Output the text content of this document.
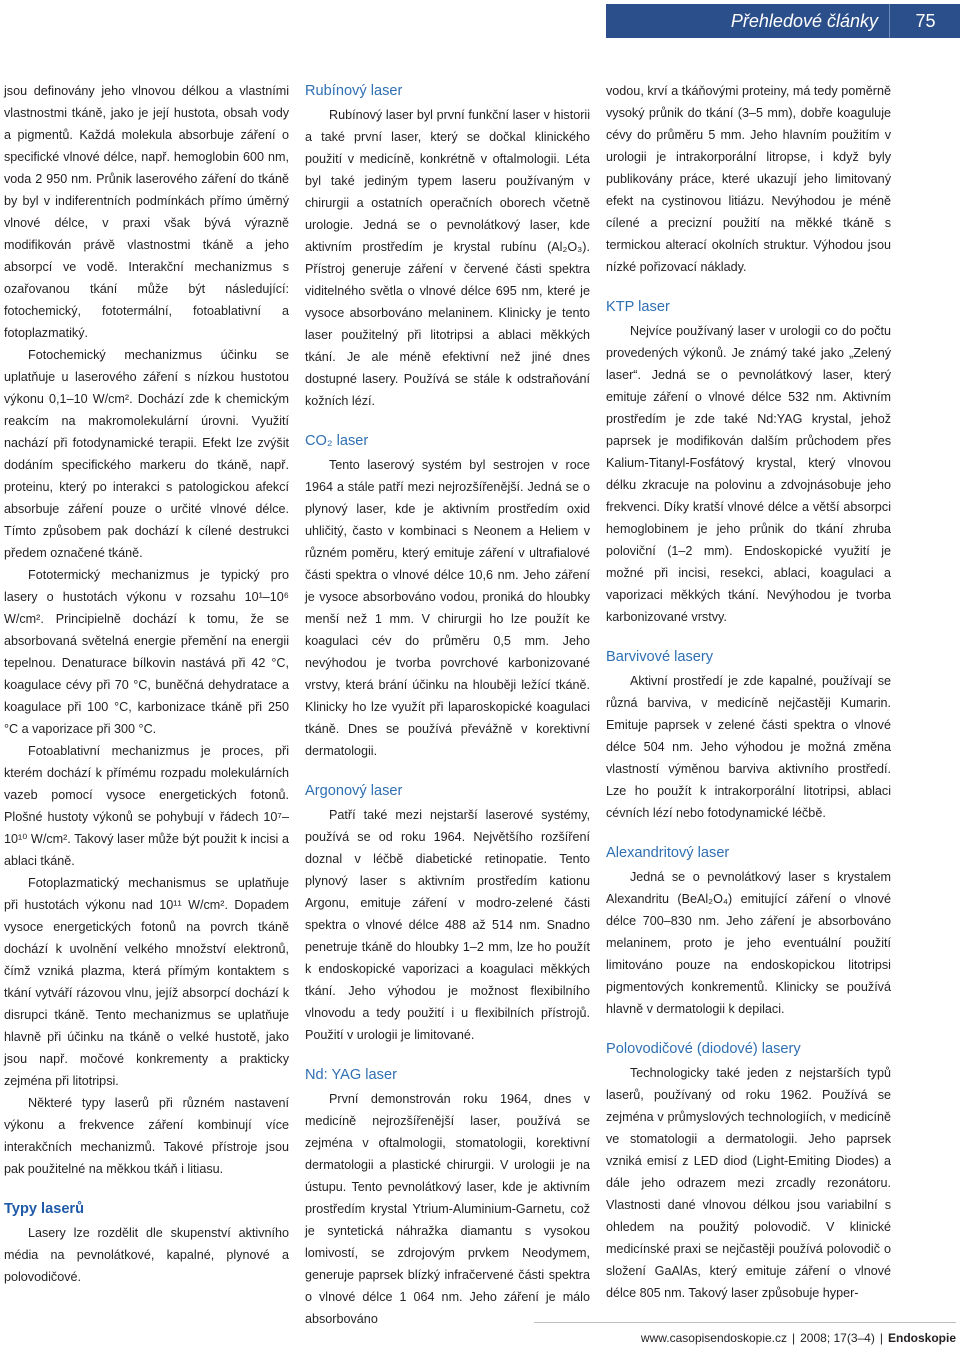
Přehledové články	75

jsou definovány jeho vlnovou délkou a vlastními vlastnostmi tkáně, jako je její hustota, obsah vody a pigmentů. Každá molekula absorbuje záření o specifické vlnové délce, např. hemoglobin 600 nm, voda 2 950 nm. Průnik laserového záření do tkáně by byl v indiferentních podmínkách přímo úměrný vlnové délce, v praxi však bývá výrazně modifikován právě vlastnostmi tkáně a jeho absorpcí ve vodě. Interakční mechanizmus s ozařovanou tkání může být následující: fotochemický, fototermální, fotoablativní a fotoplazmatiký.

Fotochemický mechanizmus účinku se uplatňuje u laserového záření s nízkou hustotou výkonu 0,1–10 W/cm². Dochází zde k chemickým reakcím na makromolekulární úrovni. Využití nachází při fotodynamické terapii. Efekt lze zvýšit dodáním specifického markeru do tkáně, např. proteinu, který po interakci s patologickou afekcí absorbuje záření pouze o určité vlnové délce. Tímto způsobem pak dochází k cílené destrukci předem označené tkáně.

Fototermický mechanizmus je typický pro lasery o hustotách výkonu v rozsahu 10¹–10⁶ W/cm². Principielně dochází k tomu, že se absorbovaná světelná energie přemění na energii tepelnou. Denaturace bílkovin nastává při 42 °C, koagulace cévy při 70 °C, buněčná dehydratace a koagulace při 100 °C, karbonizace tkáně při 250 °C a vaporizace při 300 °C.

Fotoablativní mechanizmus je proces, při kterém dochází k přímému rozpadu molekulárních vazeb pomocí vysoce energetických fotonů. Plošné hustoty výkonů se pohybují v řádech 10⁷–10¹⁰ W/cm². Takový laser může být použit k incisi a ablaci tkáně.

Fotoplazmatický mechanismus se uplatňuje při hustotách výkonu nad 10¹¹ W/cm². Dopadem vysoce energetických fotonů na povrch tkáně dochází k uvolnění velkého množství elektronů, čímž vzniká plazma, která přímým kontaktem s tkání vytváří rázovou vlnu, jejíž absorpcí dochází k disrupci tkáně. Tento mechanizmus se uplatňuje hlavně při účinku na tkáně o velké hustotě, jako jsou např. močové konkrementy a prakticky zejména při litotripsi.

Některé typy laserů při různém nastavení výkonu a frekvence záření kombinují více interakčních mechanizmů. Takové přístroje jsou pak použitelné na měkkou tkáň i litiasu.

Typy laserů

Lasery lze rozdělit dle skupenství aktivního média na pevnolátkové, kapalné, plynové a polovodičové.

Rubínový laser

Rubínový laser byl první funkční laser v historii a také první laser, který se dočkal klinického použití v medicíně, konkrétně v oftalmologii. Léta byl také jediným typem laseru používaným v chirurgii a ostatních operačních oborech včetně urologie. Jedná se o pevnolátkový laser, kde aktivním prostředím je krystal rubínu (Al₂O₃). Přístroj generuje záření v červené části spektra viditelného světla o vlnové délce 695 nm, které je vysoce absorbováno melaninem. Klinicky je tento laser použitelný při litotripsi a ablaci měkkých tkání. Je ale méně efektivní než jiné dnes dostupné lasery. Používá se stále k odstraňování kožních lézí.

CO₂ laser

Tento laserový systém byl sestrojen v roce 1964 a stále patří mezi nejrozšířenější. Jedná se o plynový laser, kde je aktivním prostředím oxid uhličitý, často v kombinaci s Neonem a Heliem v různém poměru, který emituje záření v ultrafialové části spektra o vlnové délce 10,6 nm. Jeho záření je vysoce absorbováno vodou, proniká do hloubky menší než 1 mm. V chirurgii ho lze použít ke koagulaci cév do průměru 0,5 mm. Jeho nevýhodou je tvorba povrchové karbonizované vrstvy, která brání účinku na hlouběji ležící tkáně. Klinicky ho lze využít při laparoskopické koagulaci tkáně. Dnes se používá převážně v korektivní dermatologii.

Argonový laser

Patří také mezi nejstarší laserové systémy, používá se od roku 1964. Největšího rozšíření doznal v léčbě diabetické retinopatie. Tento plynový laser s aktivním prostředím kationu Argonu, emituje záření v modro-zelené části spektra o vlnové délce 488 až 514 nm. Snadno penetruje tkáně do hloubky 1–2 mm, lze ho použít k endoskopické vaporizaci a koagulaci měkkých tkání. Jeho výhodou je možnost flexibilního vlnovodu a tedy použití i u flexibilních přístrojů. Použití v urologii je limitované.

Nd: YAG laser

První demonstrován roku 1964, dnes v medicíně nejrozšířenější laser, používá se zejména v oftalmologii, stomatologii, korektivní dermatologii a plastické chirurgii. V urologii je na ústupu. Tento pevnolátkový laser, kde je aktivním prostředím krystal Ytrium-Aluminium-Garnetu, což je syntetická náhražka diamantu s vysokou lomivostí, se zdrojovým prvkem Neodymem, generuje paprsek blízký infračervené části spektra o vlnové délce 1 064 nm. Jeho záření je málo absorbováno

vodou, krví a tkáňovými proteiny, má tedy poměrně vysoký průnik do tkání (3–5 mm), dobře koaguluje cévy do průměru 5 mm. Jeho hlavním použitím v urologii je intrakorporální litropse, i když byly publikovány práce, které ukazují jeho limitovaný efekt na cystinovou litiázu. Nevýhodou je méně cílené a precizní použití na měkké tkáně s termickou alterací okolních struktur. Výhodou jsou nízké pořizovací náklady.

KTP laser

Nejvíce používaný laser v urologii co do počtu provedených výkonů. Je známý také jako „Zelený laser“. Jedná se o pevnolátkový laser, který emituje záření o vlnové délce 532 nm. Aktivním prostředím je zde také Nd:YAG krystal, jehož paprsek je modifikován dalším průchodem přes Kalium-Titanyl-Fosfátový krystal, který vlnovou délku zkracuje na polovinu a zdvojnásobuje jeho frekvenci. Díky kratší vlnové délce a větší absorpci hemoglobinem je jeho průnik do tkání zhruba poloviční (1–2 mm). Endoskopické využití je možné při incisi, resekci, ablaci, koagulaci a vaporizaci měkkých tkání. Nevýhodou je tvorba karbonizované vrstvy.

Barvivové lasery

Aktivní prostředí je zde kapalné, používají se různá barviva, v medicíně nejčastěji Kumarin. Emituje paprsek v zelené části spektra o vlnové délce 504 nm. Jeho výhodou je možná změna vlastností výměnou barviva aktivního prostředí. Lze ho použít k intrakorporální litotripsi, ablaci cévních lézí nebo fotodynamické léčbě.

Alexandritový laser

Jedná se o pevnolátkový laser s krystalem Alexandritu (BeAl₂O₄) emitující záření o vlnové délce 700–830 nm. Jeho záření je absorbováno melaninem, proto je jeho eventuální použití limitováno pouze na endoskopickou litotripsi pigmentových konkrementů. Klinicky se používá hlavně v dermatologii k depilaci.

Polovodičové (diodové) lasery

Technologicky také jeden z nejstarších typů laserů, používaný od roku 1962. Používá se zejména v průmyslových technologiích, v medicíně ve stomatologii a dermatologii. Jeho paprsek vzniká emisí z LED diod (Light-Emiting Diodes) a dále jeho odrazem mezi zrcadly rezonátoru. Vlastnosti dané vlnovou délkou jsou variabilní s ohledem na použitý polovodič. V klinické medicínské praxi se nejčastěji používá polovodič o složení GaAlAs, který emituje záření o vlnové délce 805 nm. Takový laser způsobuje hyper-

www.casopisendoskopie.cz | 2008; 17(3–4) | Endoskopie
